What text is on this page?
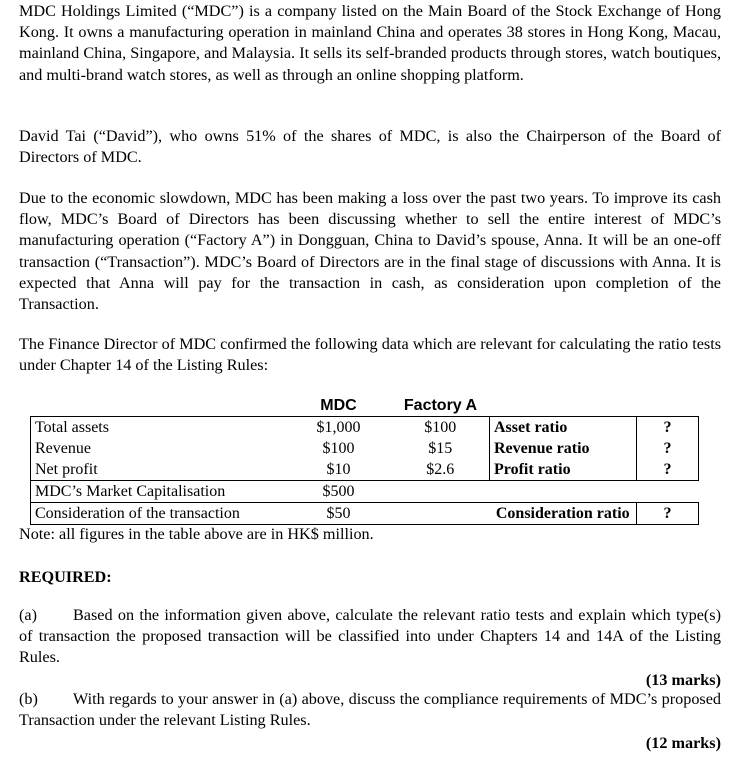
MDC Holdings Limited (“MDC”) is a company listed on the Main Board of the Stock Exchange of Hong Kong. It owns a manufacturing operation in mainland China and operates 38 stores in Hong Kong, Macau, mainland China, Singapore, and Malaysia. It sells its self-branded products through stores, watch boutiques, and multi-brand watch stores, as well as through an online shopping platform.

David Tai (“David”), who owns 51% of the shares of MDC, is also the Chairperson of the Board of Directors of MDC.

Due to the economic slowdown, MDC has been making a loss over the past two years. To improve its cash flow, MDC’s Board of Directors has been discussing whether to sell the entire interest of MDC’s manufacturing operation (“Factory A”) in Dongguan, China to David’s spouse, Anna. It will be an one-off transaction (“Transaction”). MDC’s Board of Directors are in the final stage of discussions with Anna. It is expected that Anna will pay for the transaction in cash, as consideration upon completion of the Transaction.

The Finance Director of MDC confirmed the following data which are relevant for calculating the ratio tests under Chapter 14 of the Listing Rules:

	MDC	Factory A		
Total assets	$1,000	$100	Asset ratio	?
Revenue	$100	$15	Revenue ratio	?
Net profit	$10	$2.6	Profit ratio	?
MDC’s Market Capitalisation	$500			
Consideration of the transaction	$50		Consideration ratio	?
Note: all figures in the table above are in HK$ million.
REQUIRED:

(a) Based on the information given above, calculate the relevant ratio tests and explain which type(s) of transaction the proposed transaction will be classified into under Chapters 14 and 14A of the Listing Rules.

(13 marks)

(b) With regards to your answer in (a) above, discuss the compliance requirements of MDC’s proposed Transaction under the relevant Listing Rules.

(12 marks)
